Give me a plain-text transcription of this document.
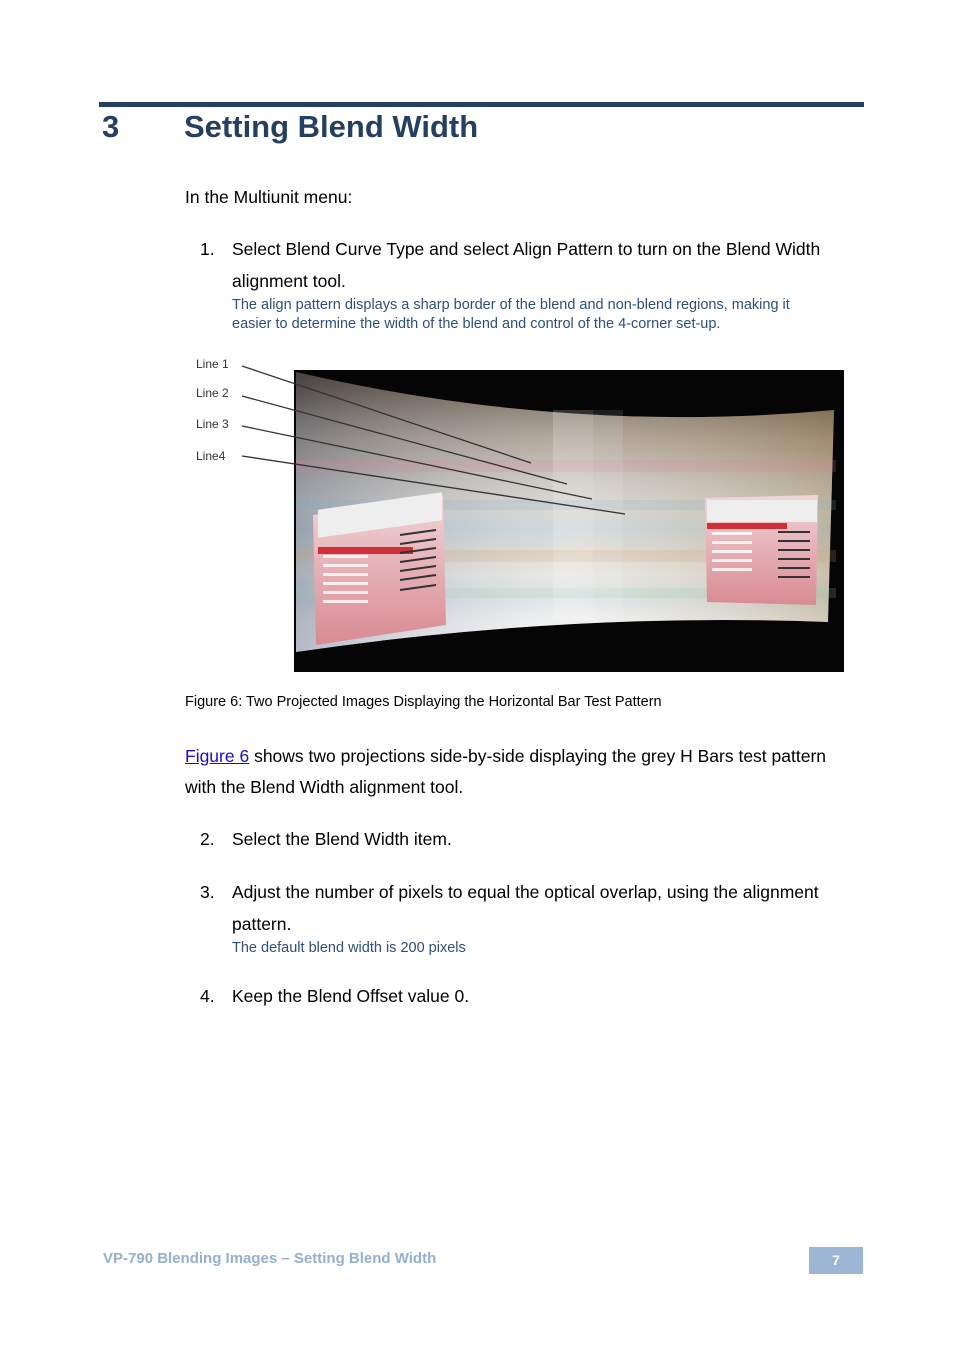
3 Setting Blend Width
In the Multiunit menu:
1. Select Blend Curve Type and select Align Pattern to turn on the Blend Width
alignment tool.
The align pattern displays a sharp border of the blend and non-blend regions, making it
easier to determine the width of the blend and control of the 4-corner set-up.
Line 1
Line 2
Line 3
Line4
Figure 6: Two Projected Images Displaying the Horizontal Bar Test Pattern
Figure 6 shows two projections side-by-side displaying the grey H Bars test pattern
with the Blend Width alignment tool.
2. Select the Blend Width item.
3. Adjust the number of pixels to equal the optical overlap, using the alignment
pattern.
The default blend width is 200 pixels
4. Keep the Blend Offset value 0.
VP-790 Blending Images – Setting Blend Width	7
